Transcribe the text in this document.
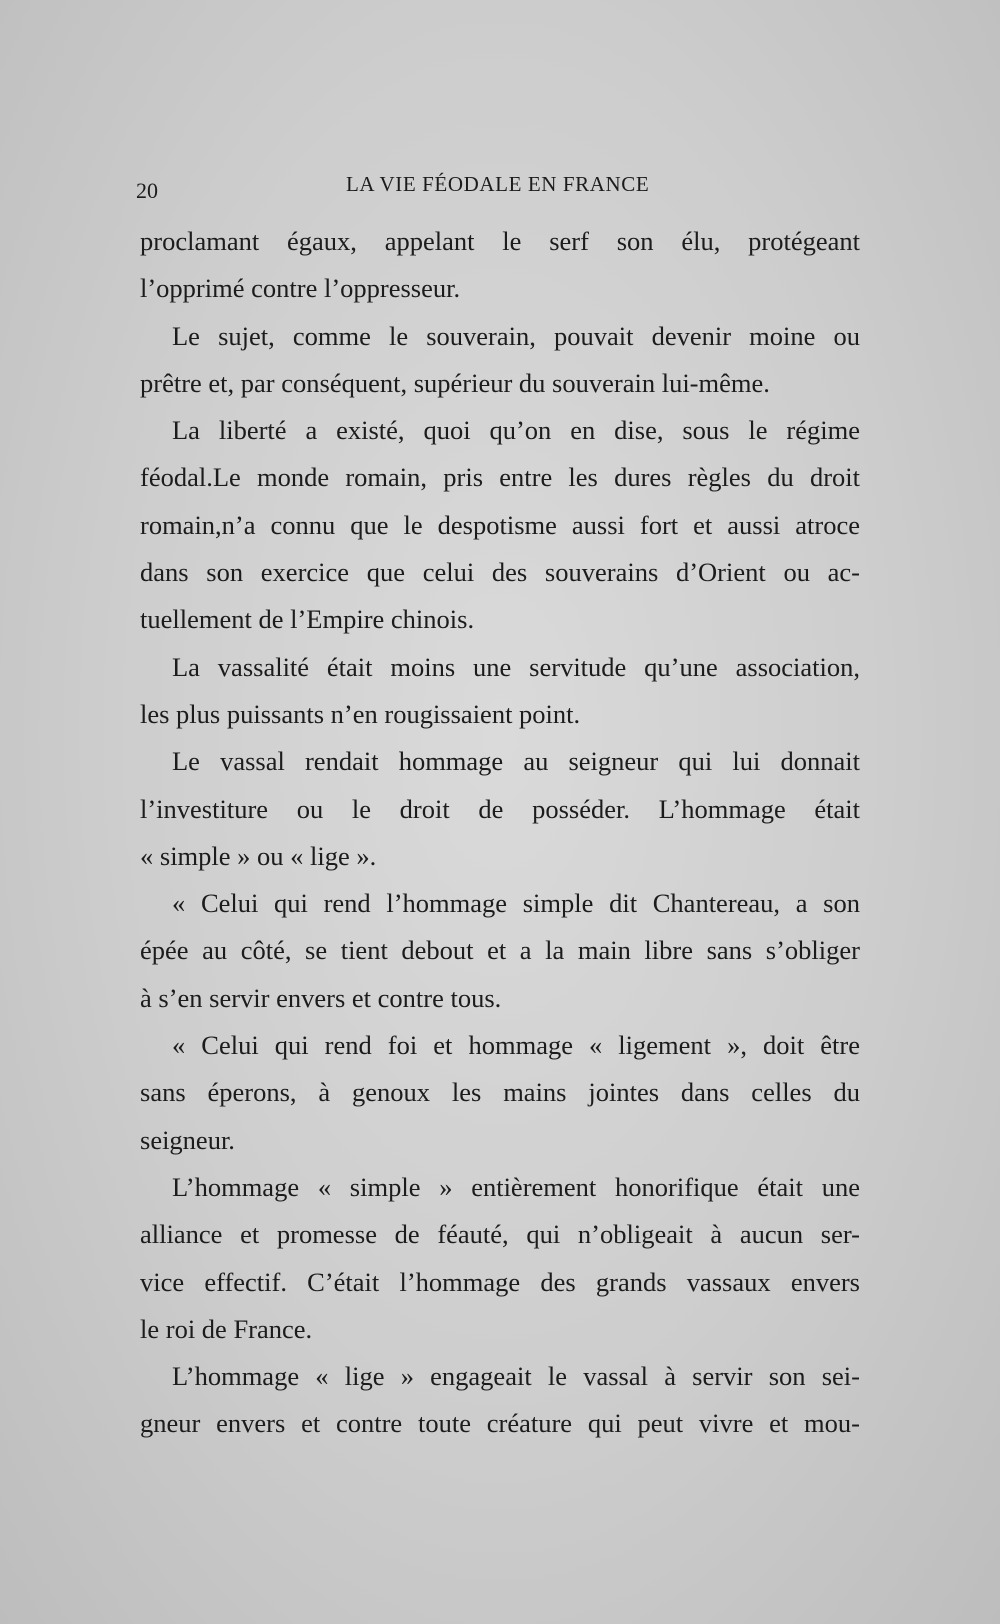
20	LA VIE FÉODALE EN FRANCE
proclamant égaux, appelant le serf son élu, protégeant
l’opprimé contre l’oppresseur.
Le sujet, comme le souverain, pouvait devenir moine ou
prêtre et, par conséquent, supérieur du souverain lui-même.
La liberté a existé, quoi qu’on en dise, sous le régime
féodal.Le monde romain, pris entre les dures règles du droit
romain,n’a connu que le despotisme aussi fort et aussi atroce
dans son exercice que celui des souverains d’Orient ou ac-
tuellement de l’Empire chinois.
La vassalité était moins une servitude qu’une association,
les plus puissants n’en rougissaient point.
Le vassal rendait hommage au seigneur qui lui donnait
l’investiture ou le droit de posséder. L’hommage était
« simple » ou « lige ».
« Celui qui rend l’hommage simple dit Chantereau, a son
épée au côté, se tient debout et a la main libre sans s’obliger
à s’en servir envers et contre tous.
« Celui qui rend foi et hommage « ligement », doit être
sans éperons, à genoux les mains jointes dans celles du
seigneur.
L’hommage « simple » entièrement honorifique était une
alliance et promesse de féauté, qui n’obligeait à aucun ser-
vice effectif. C’était l’hommage des grands vassaux envers
le roi de France.
L’hommage « lige » engageait le vassal à servir son sei-
gneur envers et contre toute créature qui peut vivre et mou-
